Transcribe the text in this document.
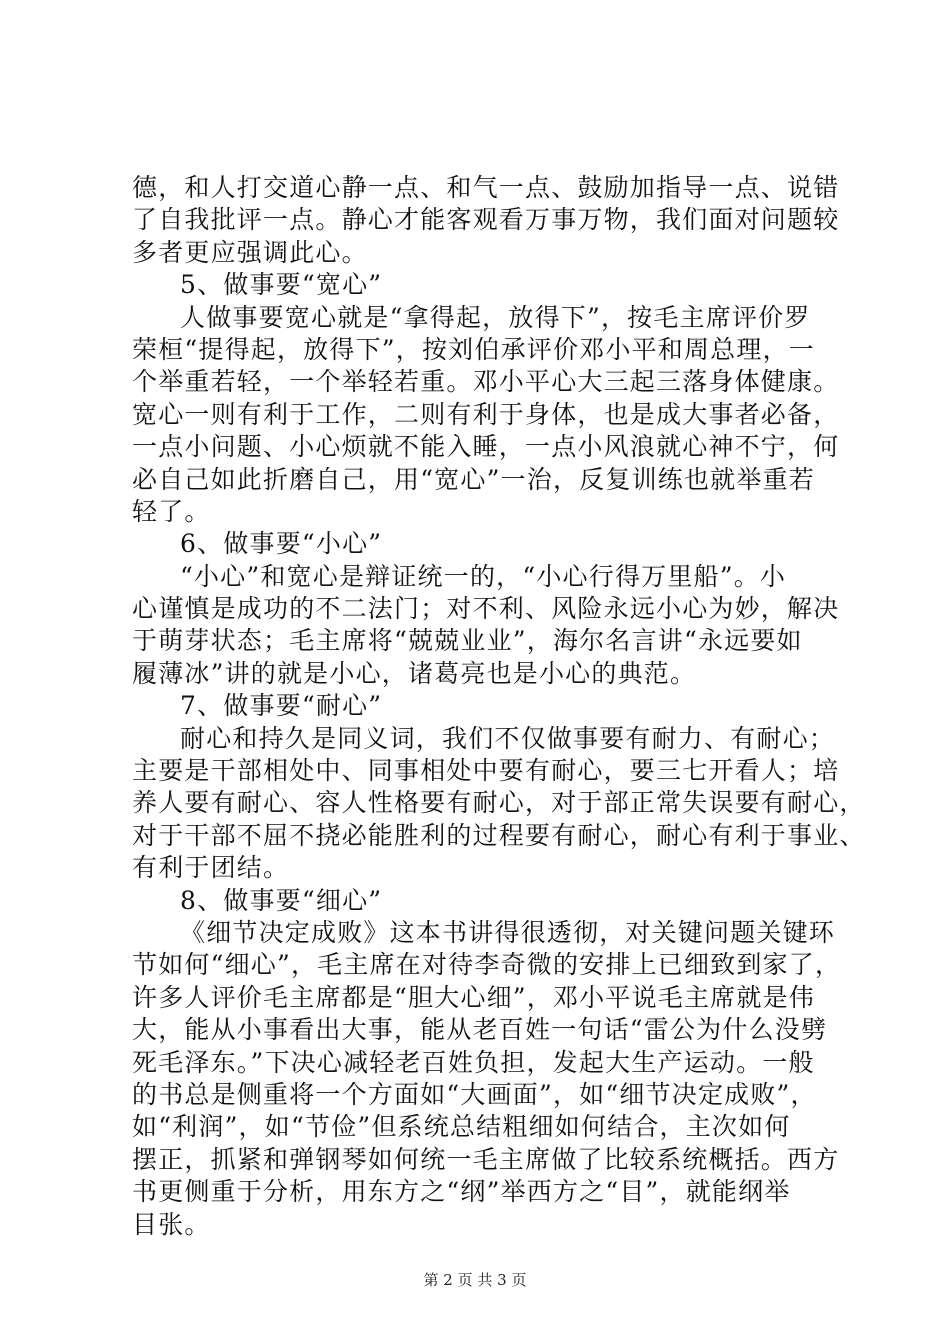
德，和人打交道心静一点、和气一点、鼓励加指导一点、说错
了自我批评一点。静心才能客观看万事万物，我们面对问题较
多者更应强调此心。
5、做事要“宽心”
人做事要宽心就是“拿得起，放得下”，按毛主席评价罗
荣桓“提得起，放得下”，按刘伯承评价邓小平和周总理，一
个举重若轻，一个举轻若重。邓小平心大三起三落身体健康。
宽心一则有利于工作，二则有利于身体，也是成大事者必备，
一点小问题、小心烦就不能入睡，一点小风浪就心神不宁，何
必自己如此折磨自己，用“宽心”一治，反复训练也就举重若
轻了。
6、做事要“小心”
“小心”和宽心是辩证统一的，“小心行得万里船”。小
心谨慎是成功的不二法门；对不利、风险永远小心为妙，解决
于萌芽状态；毛主席将“兢兢业业”，海尔名言讲“永远要如
履薄冰”讲的就是小心，诸葛亮也是小心的典范。
7、做事要“耐心”
耐心和持久是同义词，我们不仅做事要有耐力、有耐心；
主要是干部相处中、同事相处中要有耐心，要三七开看人；培
养人要有耐心、容人性格要有耐心，对于部正常失误要有耐心，
对于干部不屈不挠必能胜利的过程要有耐心，耐心有利于事业、
有利于团结。
8、做事要“细心”
《细节决定成败》这本书讲得很透彻，对关键问题关键环
节如何“细心”，毛主席在对待李奇微的安排上已细致到家了，
许多人评价毛主席都是“胆大心细”，邓小平说毛主席就是伟
大，能从小事看出大事，能从老百姓一句话“雷公为什么没劈
死毛泽东。”下决心减轻老百姓负担，发起大生产运动。一般
的书总是侧重将一个方面如“大画面”，如“细节决定成败”，
如“利润”，如“节俭”但系统总结粗细如何结合，主次如何
摆正，抓紧和弹钢琴如何统一毛主席做了比较系统概括。西方
书更侧重于分析，用东方之“纲”举西方之“目”，就能纲举
目张。
第 2 页 共 3 页
